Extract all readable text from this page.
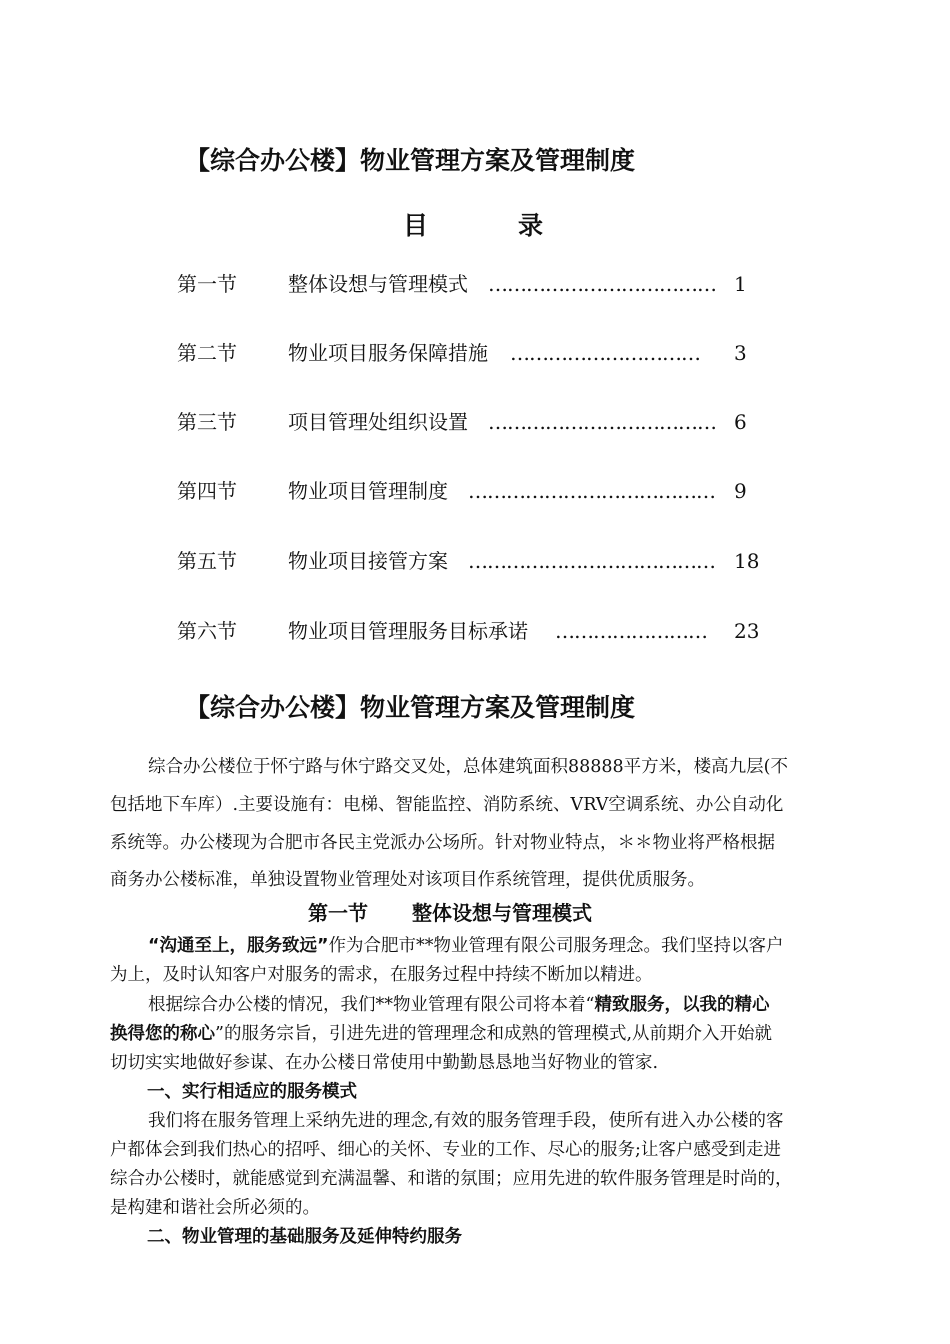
【综合办公楼】物业管理方案及管理制度
目	录
第一节	整体设想与管理模式 ……………………………… 1
第二节	物业项目服务保障措施 …………………………	3
第三节	项目管理处组织设置 ……………………………… 6
第四节	物业项目管理制度 ………………………………… 9
第五节	物业项目接管方案 ………………………………… 18
第六节	物业项目管理服务目标承诺 ……………………	23
【综合办公楼】物业管理方案及管理制度
综合办公楼位于怀宁路与休宁路交叉处，总体建筑面积88888平方米，楼高九层(不
包括地下车库）.主要设施有：电梯、智能监控、消防系统、VRV空调系统、办公自动化
系统等。办公楼现为合肥市各民主党派办公场所。针对物业特点，＊＊物业将严格根据
商务办公楼标准，单独设置物业管理处对该项目作系统管理，提供优质服务。
第一节 整体设想与管理模式
“沟通至上，服务致远”作为合肥市**物业管理有限公司服务理念。我们坚持以客户
为上，及时认知客户对服务的需求，在服务过程中持续不断加以精进。
根据综合办公楼的情况，我们**物业管理有限公司将本着“精致服务，以我的精心
换得您的称心”的服务宗旨，引进先进的管理理念和成熟的管理模式,从前期介入开始就
切切实实地做好参谋、在办公楼日常使用中勤勤恳恳地当好物业的管家.
一、实行相适应的服务模式
我们将在服务管理上采纳先进的理念,有效的服务管理手段，使所有进入办公楼的客
户都体会到我们热心的招呼、细心的关怀、专业的工作、尽心的服务;让客户感受到走进
综合办公楼时，就能感觉到充满温馨、和谐的氛围；应用先进的软件服务管理是时尚的，
是构建和谐社会所必须的。
二、物业管理的基础服务及延伸特约服务
